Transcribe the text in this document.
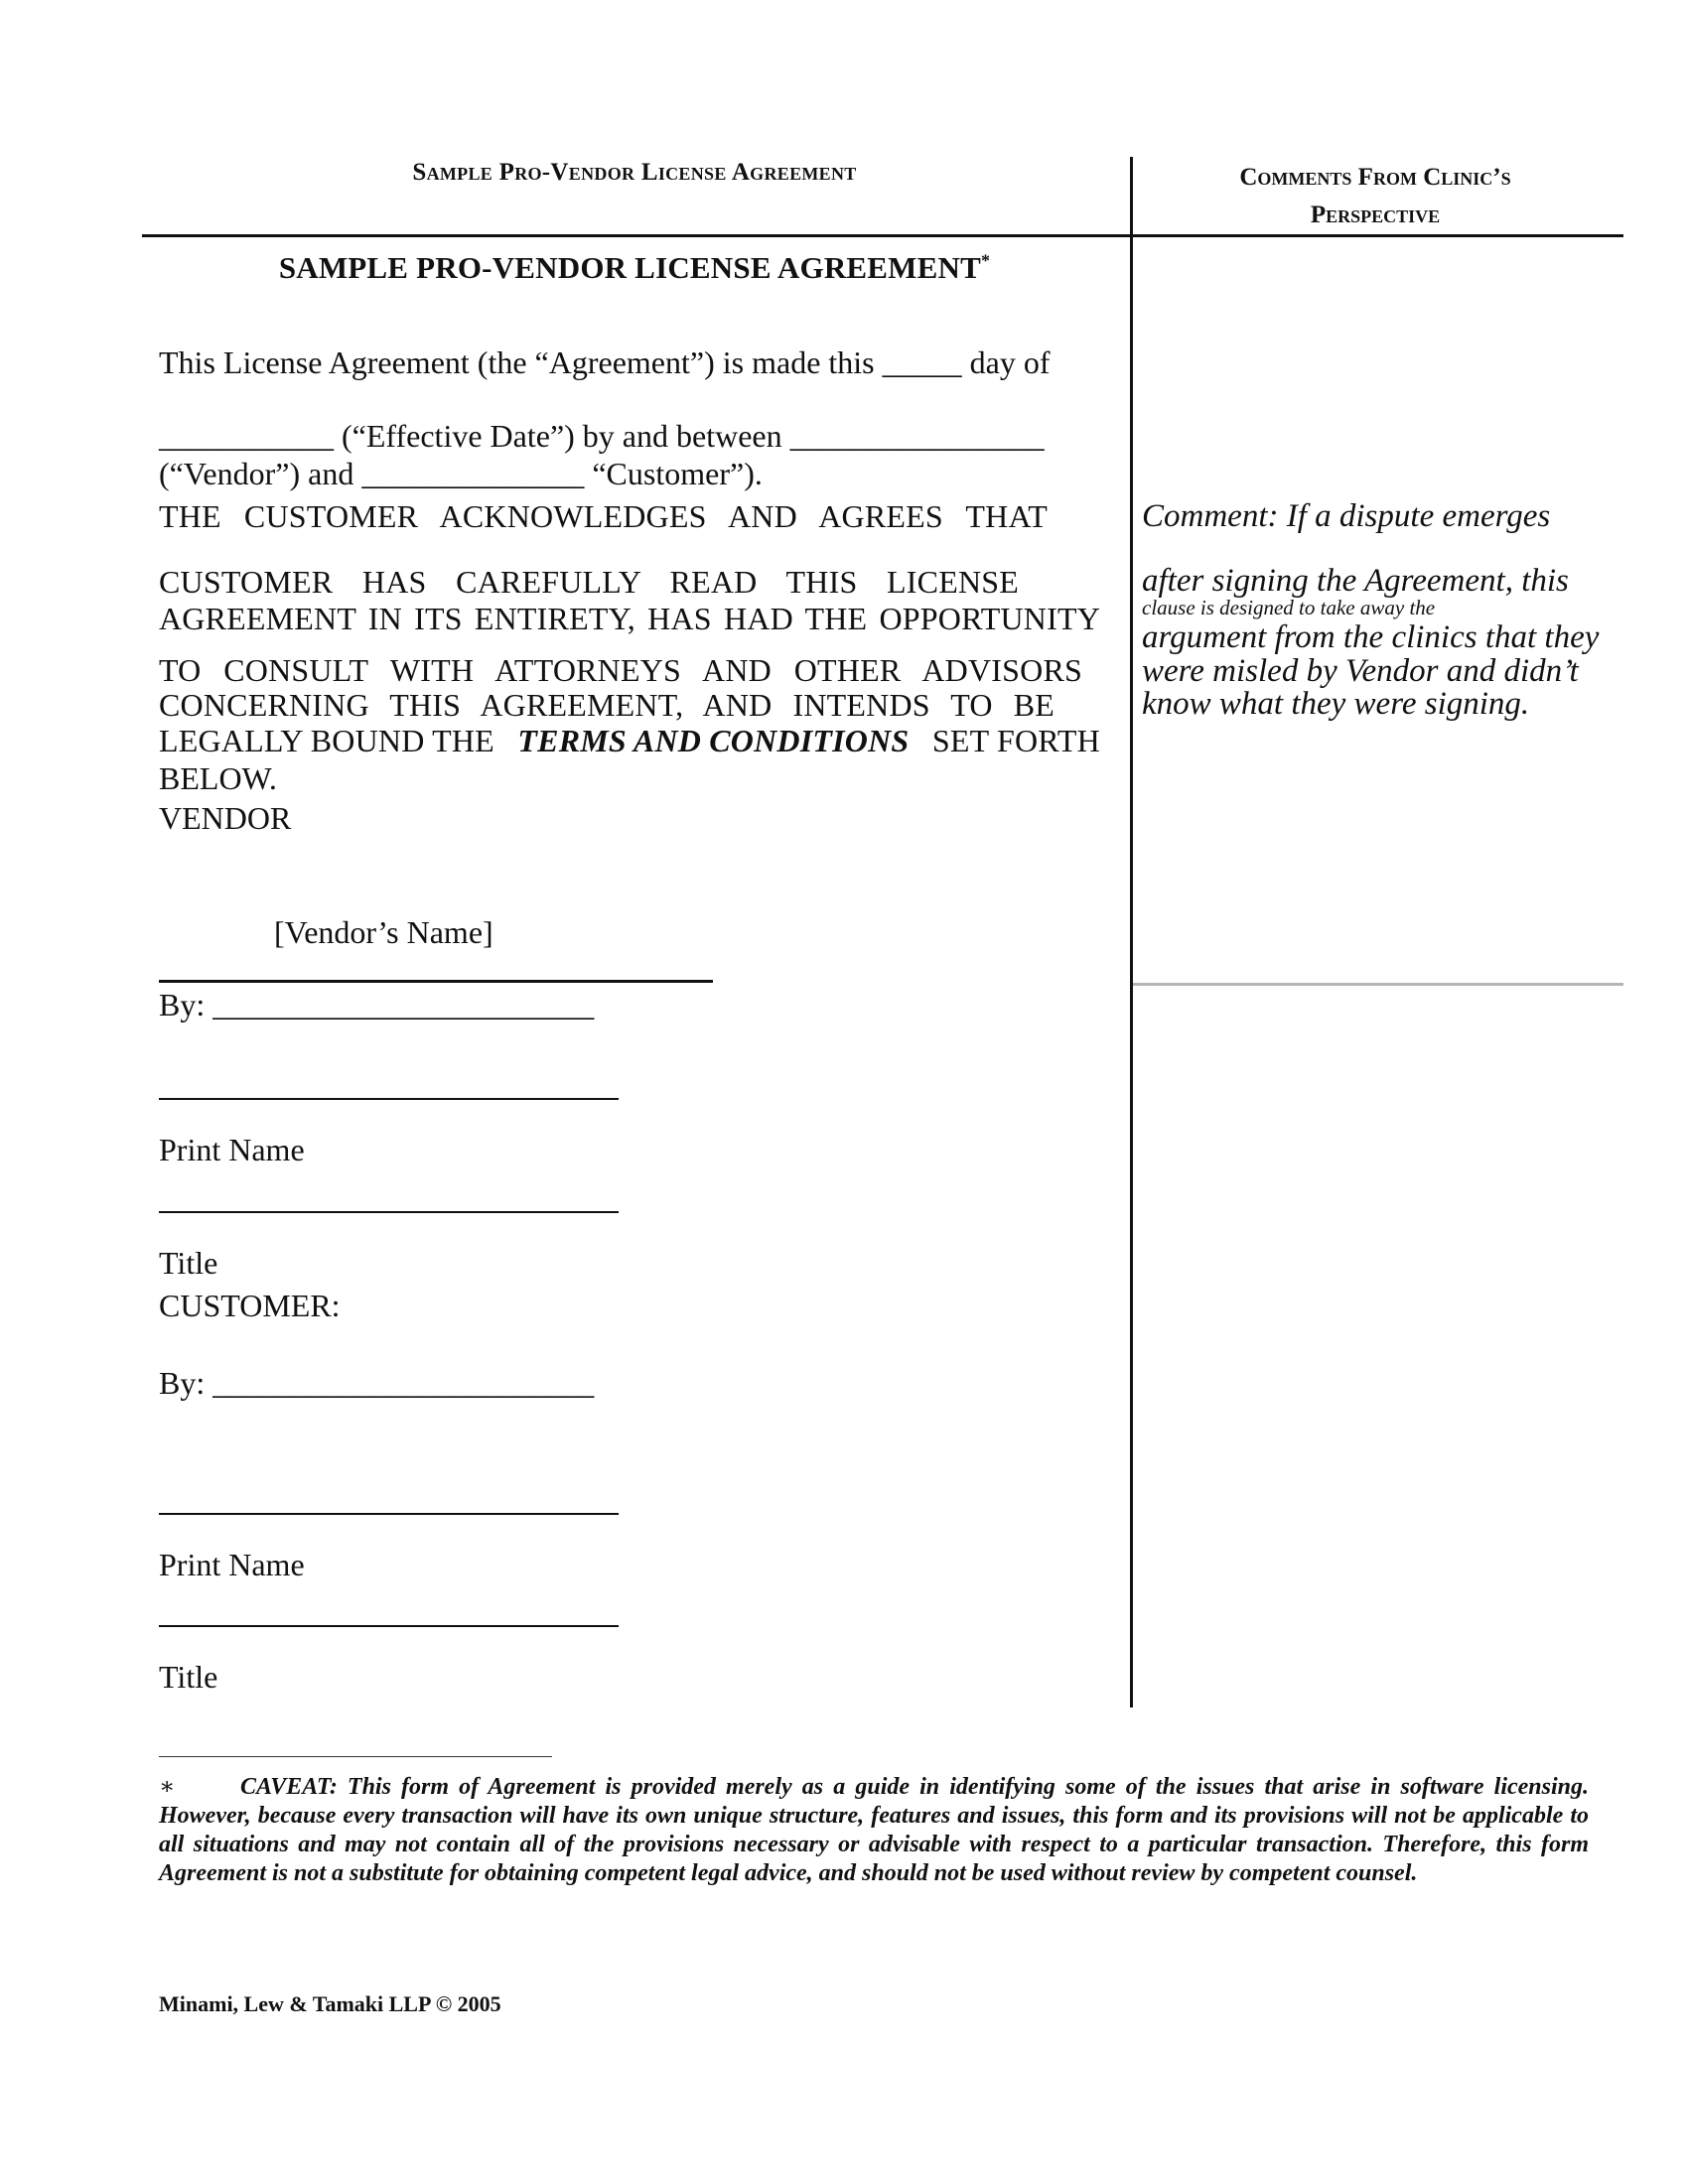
Sample Pro-Vendor License Agreement	Comments From Clinic’s
Perspective
SAMPLE PRO-VENDOR LICENSE AGREEMENT*
This License Agreement (the “Agreement”) is made this _____ day of
___________ (“Effective Date”) by and between ________________
(“Vendor”) and ______________ “Customer”).
THE CUSTOMER ACKNOWLEDGES AND AGREES THAT
CUSTOMER HAS CAREFULLY READ THIS LICENSE
AGREEMENT IN ITS ENTIRETY, HAS HAD THE OPPORTUNITY
TO CONSULT WITH ATTORNEYS AND OTHER ADVISORS
CONCERNING THIS AGREEMENT, AND INTENDS TO BE
LEGALLY BOUND THE TERMS AND CONDITIONS SET FORTH
BELOW.
VENDOR
[Vendor’s Name]
By: ________________________
Print Name
Title
CUSTOMER:
By: ________________________
Print Name
Title
Comment: If a dispute emerges
after signing the Agreement, this
clause is designed to take away the
argument from the clinics that they
were misled by Vendor and didn’t
know what they were signing.
∗	CAVEAT: This form of Agreement is provided merely as a guide in identifying some of the issues that arise in software licensing. However, because every transaction will have its own unique structure, features and issues, this form and its provisions will not be applicable to all situations and may not contain all of the provisions necessary or advisable with respect to a particular transaction. Therefore, this form Agreement is not a substitute for obtaining competent legal advice, and should not be used without review by competent counsel.
Minami, Lew & Tamaki LLP © 2005
